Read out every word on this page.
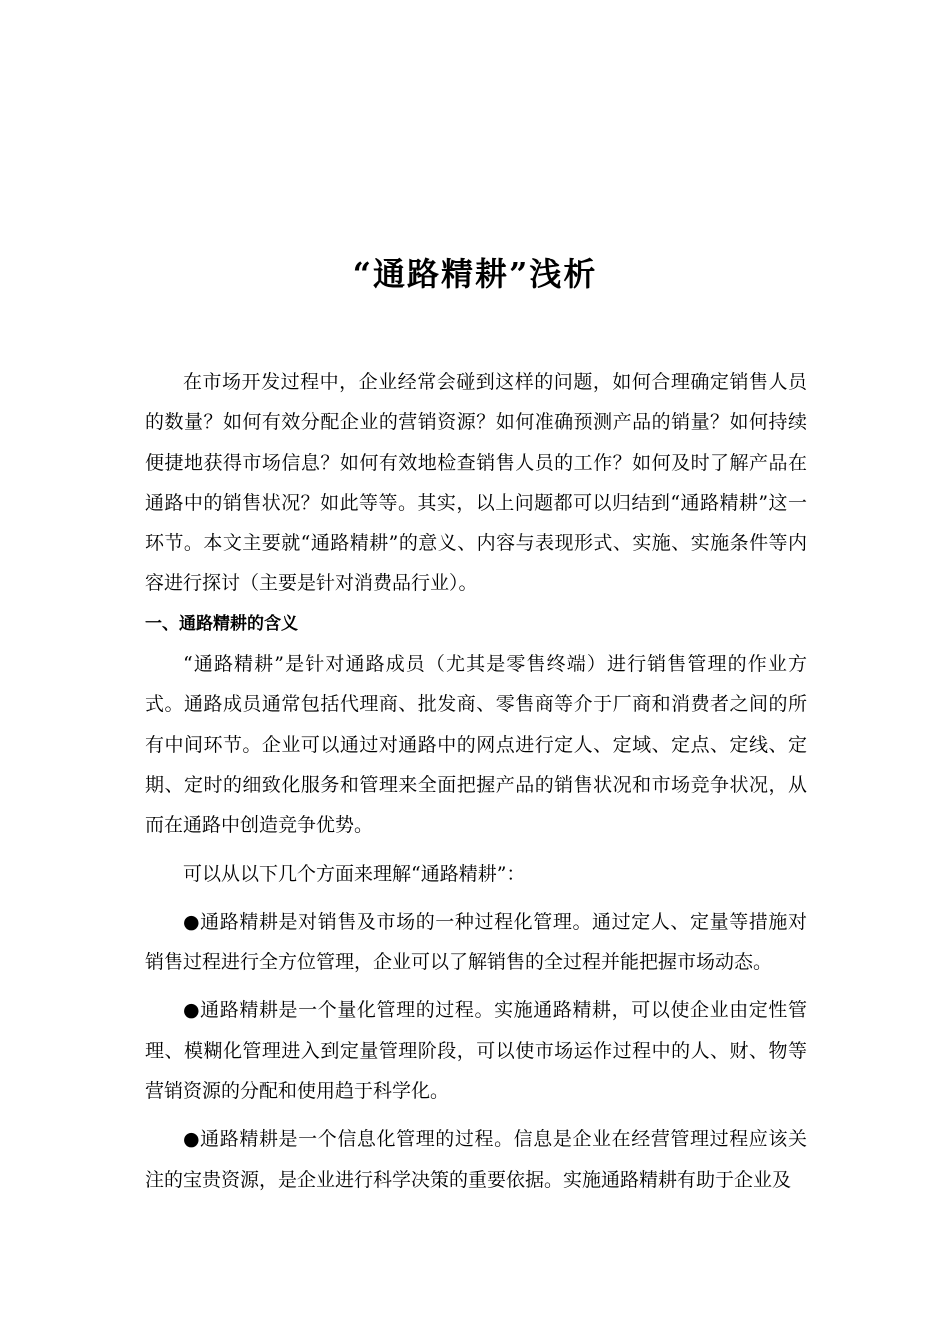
“通路精耕”浅析

在市场开发过程中，企业经常会碰到这样的问题，如何合理确定销售人员的数量？如何有效分配企业的营销资源？如何准确预测产品的销量？如何持续便捷地获得市场信息？如何有效地检查销售人员的工作？如何及时了解产品在通路中的销售状况？如此等等。其实，以上问题都可以归结到“通路精耕”这一环节。本文主要就“通路精耕”的意义、内容与表现形式、实施、实施条件等内容进行探讨（主要是针对消费品行业）。

一、通路精耕的含义

“通路精耕”是针对通路成员（尤其是零售终端）进行销售管理的作业方式。通路成员通常包括代理商、批发商、零售商等介于厂商和消费者之间的所有中间环节。企业可以通过对通路中的网点进行定人、定域、定点、定线、定期、定时的细致化服务和管理来全面把握产品的销售状况和市场竞争状况，从而在通路中创造竞争优势。

可以从以下几个方面来理解“通路精耕”：

●通路精耕是对销售及市场的一种过程化管理。通过定人、定量等措施对销售过程进行全方位管理，企业可以了解销售的全过程并能把握市场动态。

●通路精耕是一个量化管理的过程。实施通路精耕，可以使企业由定性管理、模糊化管理进入到定量管理阶段，可以使市场运作过程中的人、财、物等营销资源的分配和使用趋于科学化。

●通路精耕是一个信息化管理的过程。信息是企业在经营管理过程应该关注的宝贵资源，是企业进行科学决策的重要依据。实施通路精耕有助于企业及
